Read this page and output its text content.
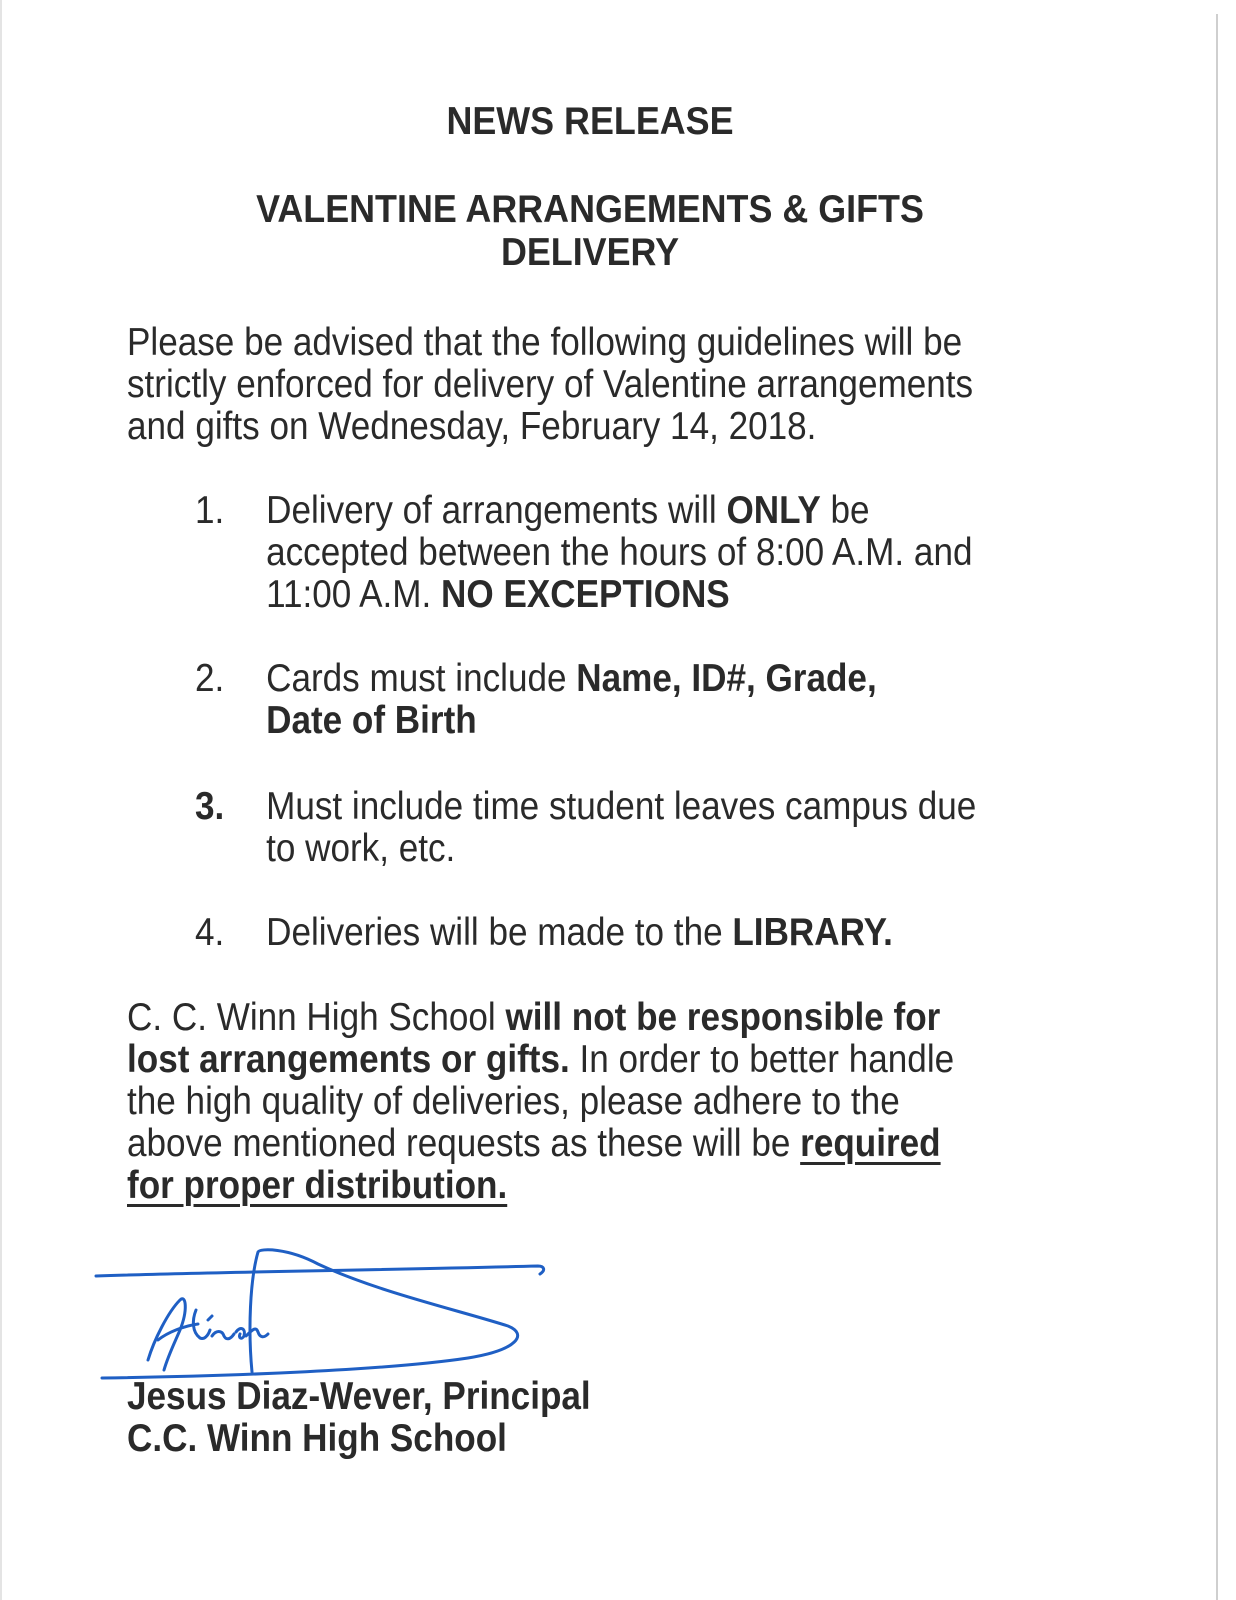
NEWS RELEASE
VALENTINE ARRANGEMENTS & GIFTS
DELIVERY
Please be advised that the following guidelines will be
strictly enforced for delivery of Valentine arrangements
and gifts on Wednesday, February 14, 2018.
1.	Delivery of arrangements will ONLY be
accepted between the hours of 8:00 A.M. and
11:00 A.M. NO EXCEPTIONS
2.	Cards must include Name, ID#, Grade,
Date of Birth
3.	Must include time student leaves campus due
to work, etc.
4.	Deliveries will be made to the LIBRARY.
C. C. Winn High School will not be responsible for
lost arrangements or gifts. In order to better handle
the high quality of deliveries, please adhere to the
above mentioned requests as these will be required
for proper distribution.
Jesus Diaz-Wever, Principal
C.C. Winn High School
